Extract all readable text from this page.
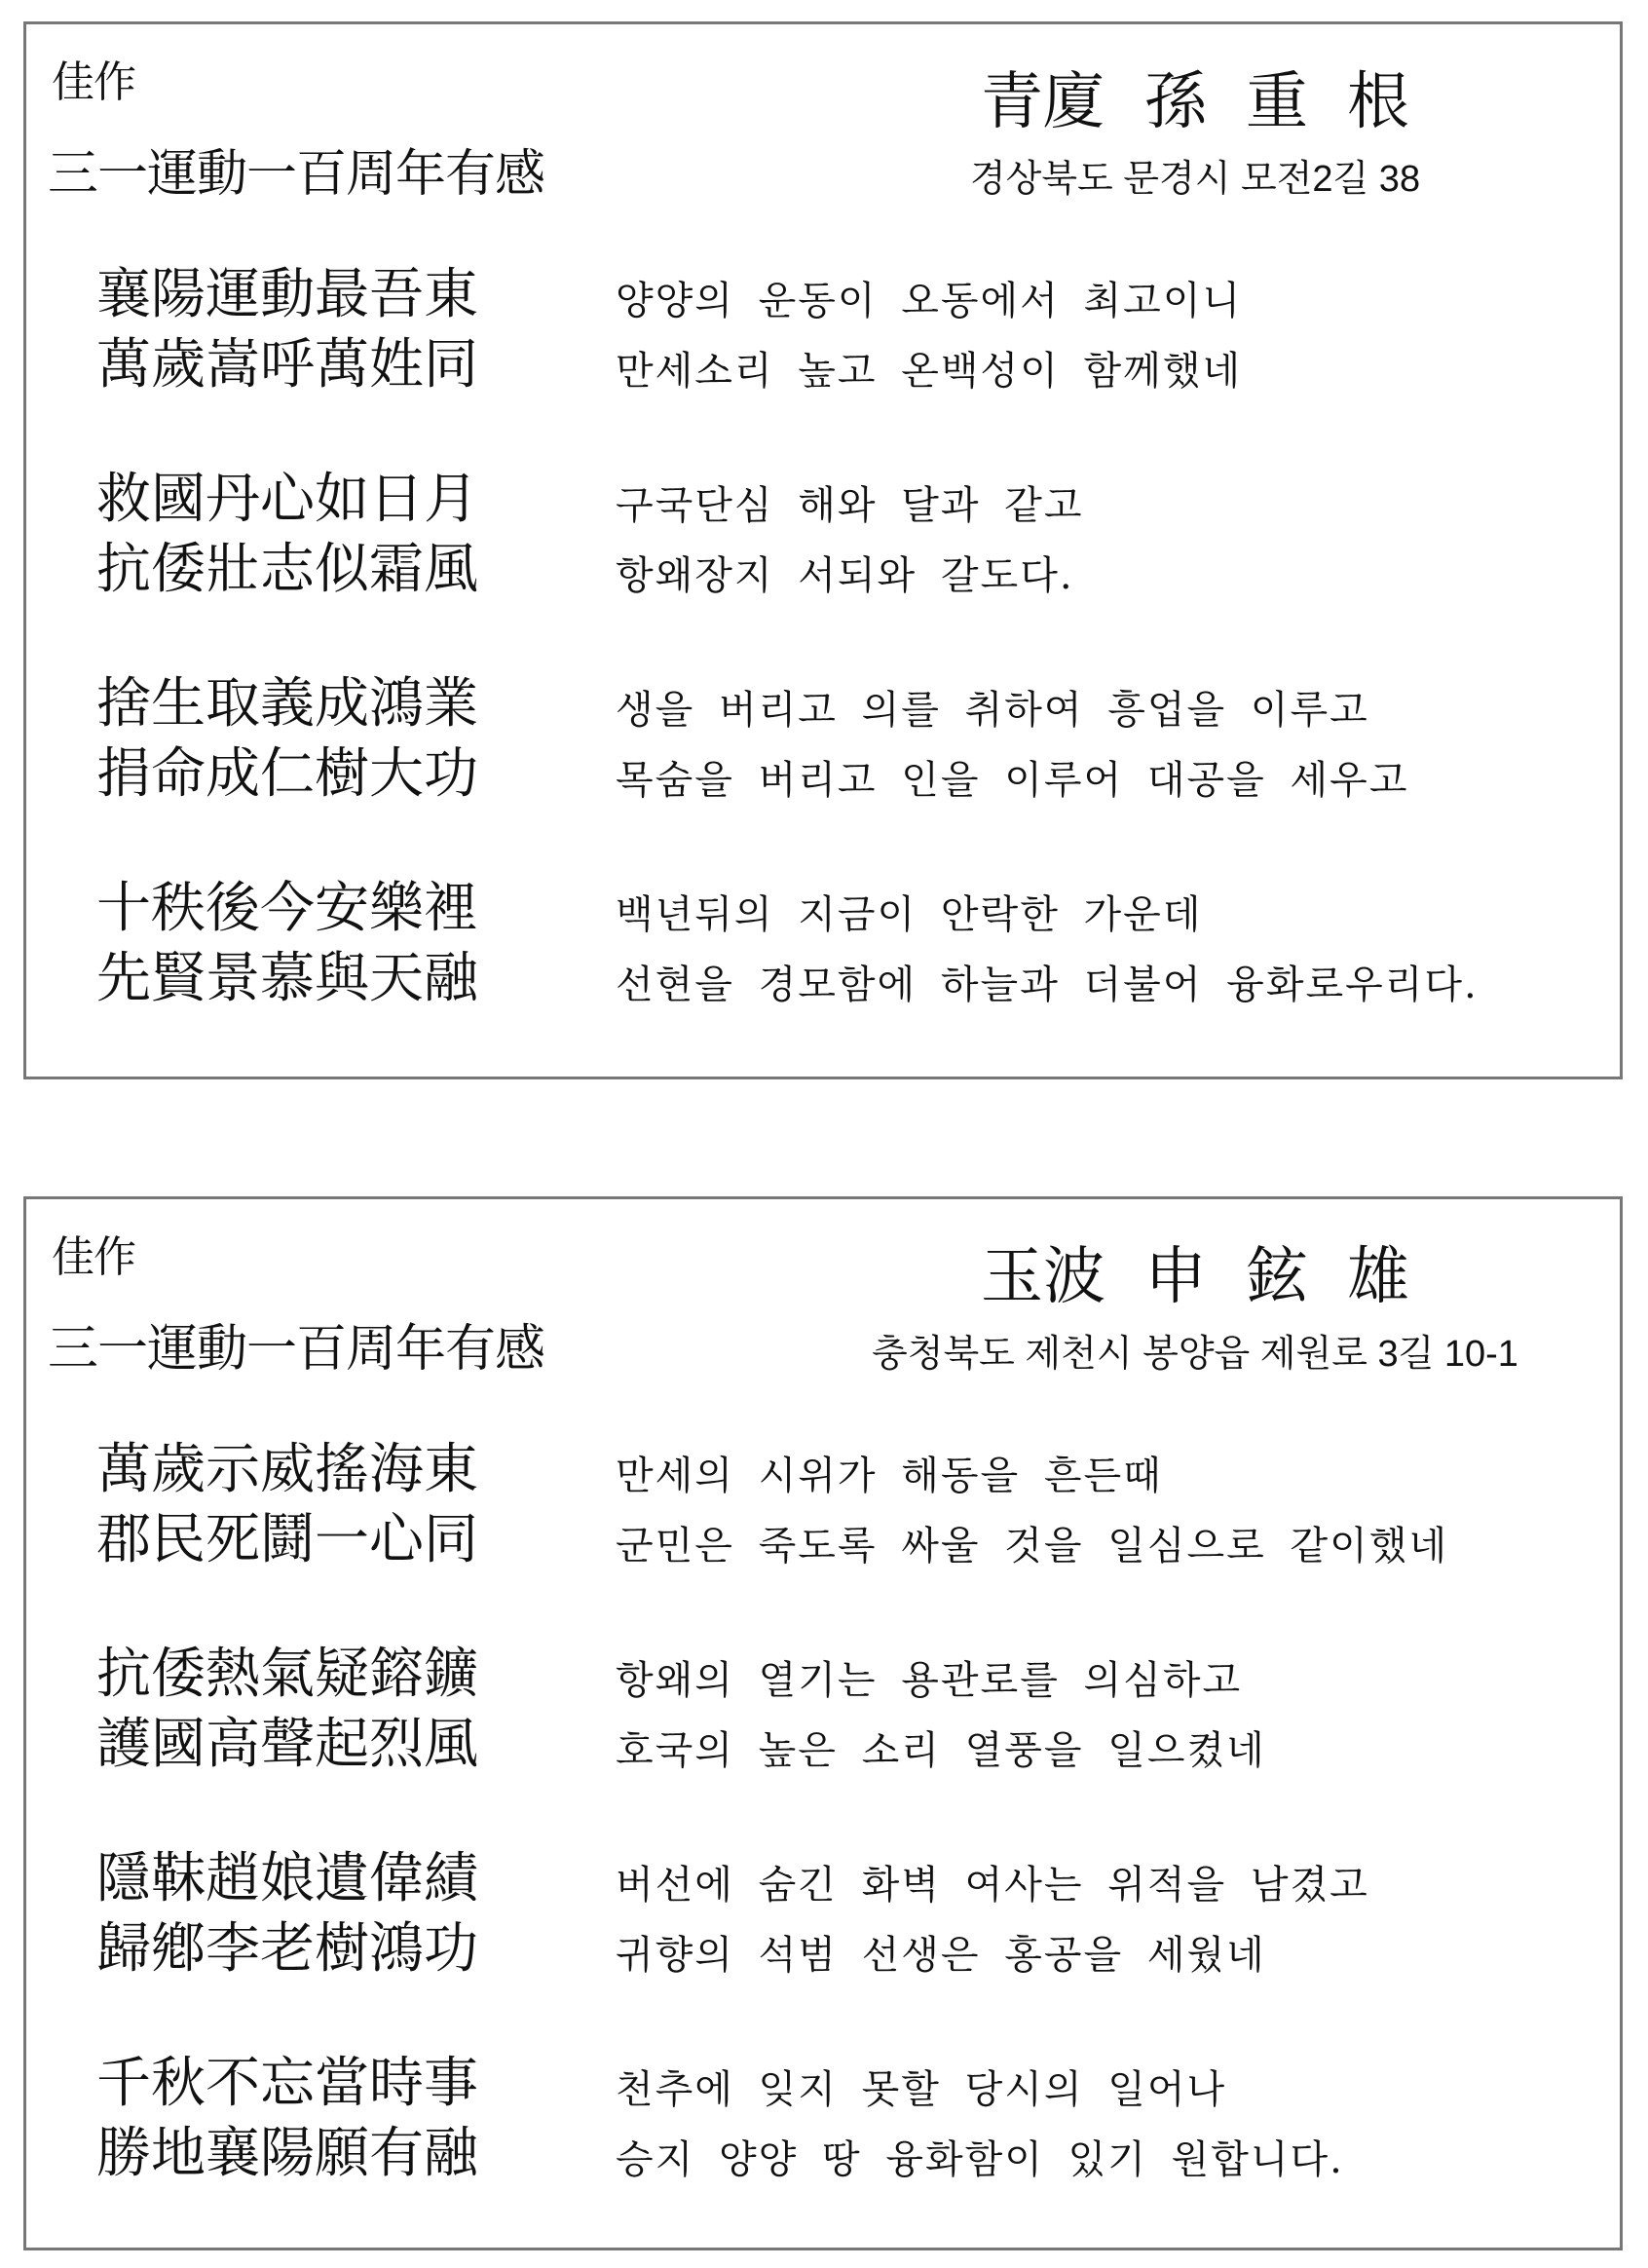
佳作
三一運動一百周年有感
青廈 孫 重 根
경상북도 문경시 모전2길 38
襄陽運動最吾東	양양의 운동이 오동에서 최고이니
萬歲嵩呼萬姓同	만세소리 높고 온백성이 함께했네
救國丹心如日月	구국단심 해와 달과 같고
抗倭壯志似霜風	항왜장지 서되와 갈도다.
捨生取義成鴻業	생을 버리고 의를 취하여 흥업을 이루고
捐命成仁樹大功	목숨을 버리고 인을 이루어 대공을 세우고
十秩後今安樂裡	백년뒤의 지금이 안락한 가운데
先賢景慕與天融	선현을 경모함에 하늘과 더불어 융화로우리다.
佳作
三一運動一百周年有感
玉波 申 鉉 雄
충청북도 제천시 봉양읍 제원로 3길 10-1
萬歲示威搖海東	만세의 시위가 해동을 흔든때
郡民死鬪一心同	군민은 죽도록 싸울 것을 일심으로 같이했네
抗倭熱氣疑鎔鑛	항왜의 열기는 용관로를 의심하고
護國高聲起烈風	호국의 높은 소리 열풍을 일으켰네
隱靺趙娘遺偉績	버선에 숨긴 화벽 여사는 위적을 남겼고
歸鄕李老樹鴻功	귀향의 석범 선생은 홍공을 세웠네
千秋不忘當時事	천추에 잊지 못할 당시의 일어나
勝地襄陽願有融	승지 양양 땅 융화함이 있기 원합니다.
